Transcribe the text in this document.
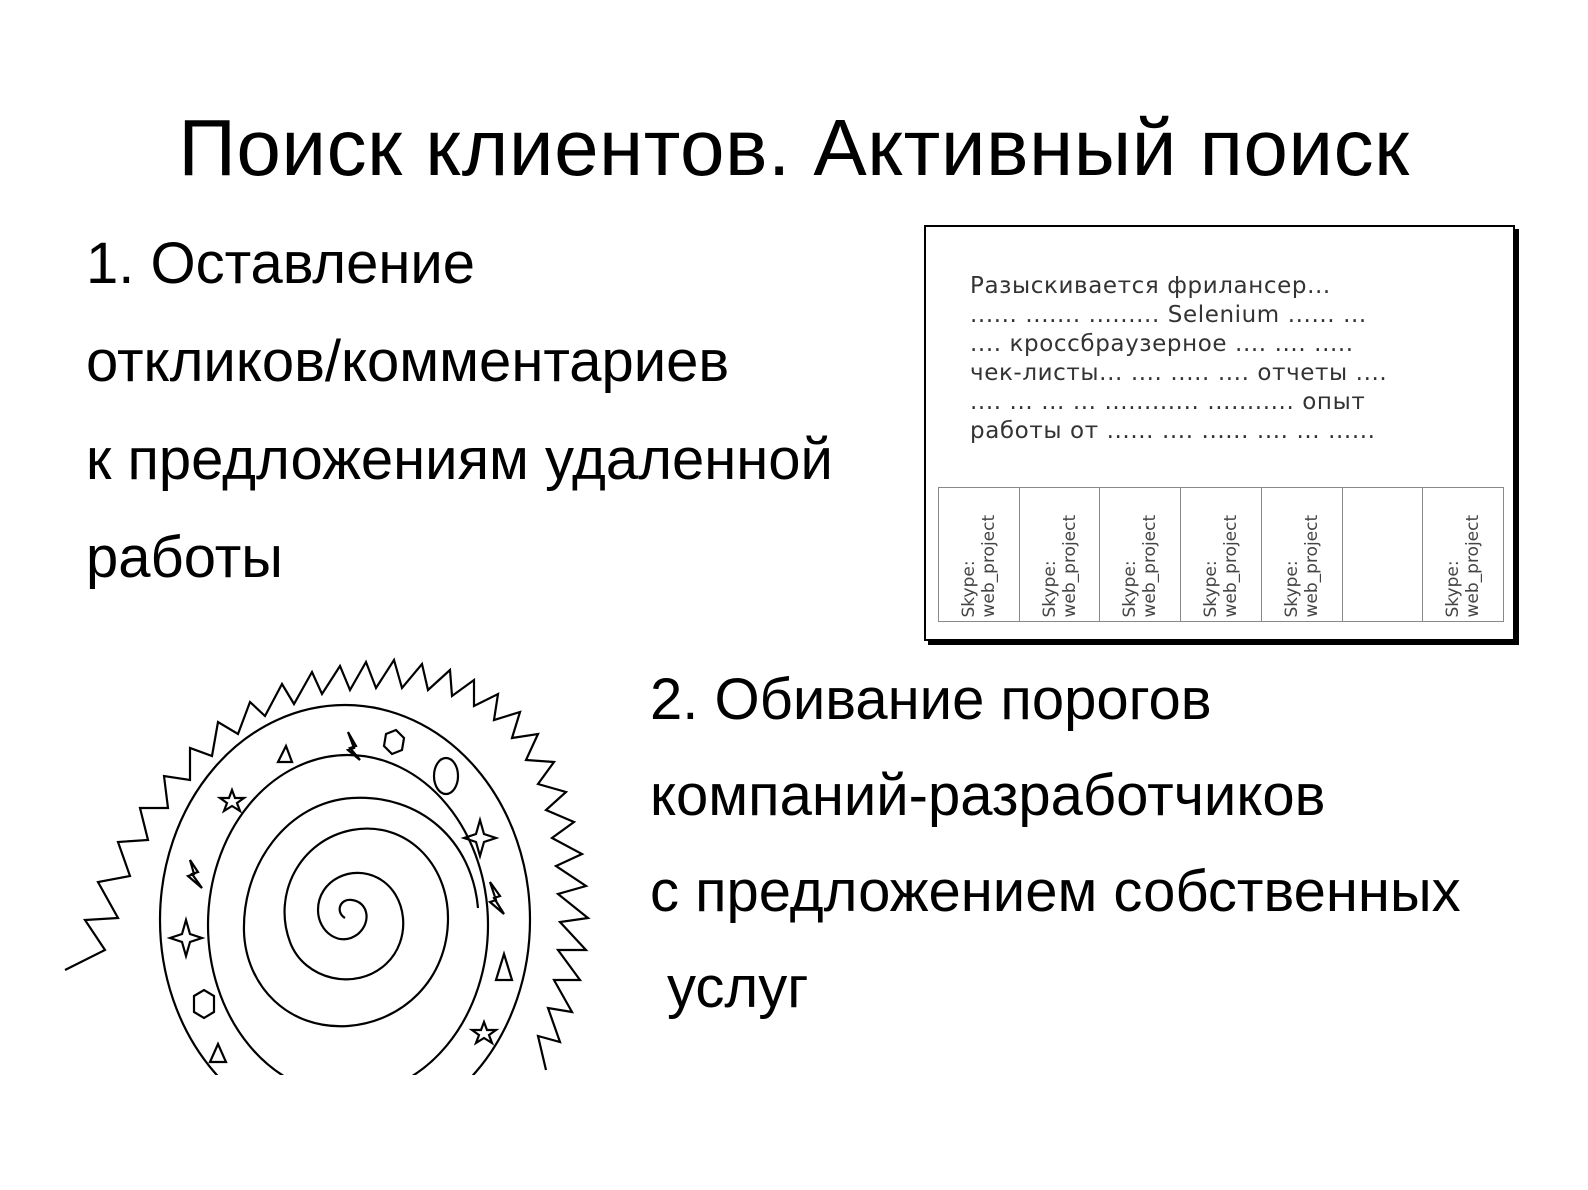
Поиск клиентов. Активный поиск
1. Оставление
откликов/комментариев
к предложениям удаленной
работы
Разыскивается фрилансер...
...... ....... ......... Selenium ...... ...
.... кроссбраузерное .... .... .....
чек-листы... .... ..... .... отчеты ....
.... ... ... ... ............ ........... опыт
работы от ...... .... ...... .... ... ......
Skype: web_project Skype: web_project Skype: web_project Skype: web_project Skype: web_project	Skype: web_project
2. Обивание порогов
компаний-разработчиков
с предложением собственных
услуг
